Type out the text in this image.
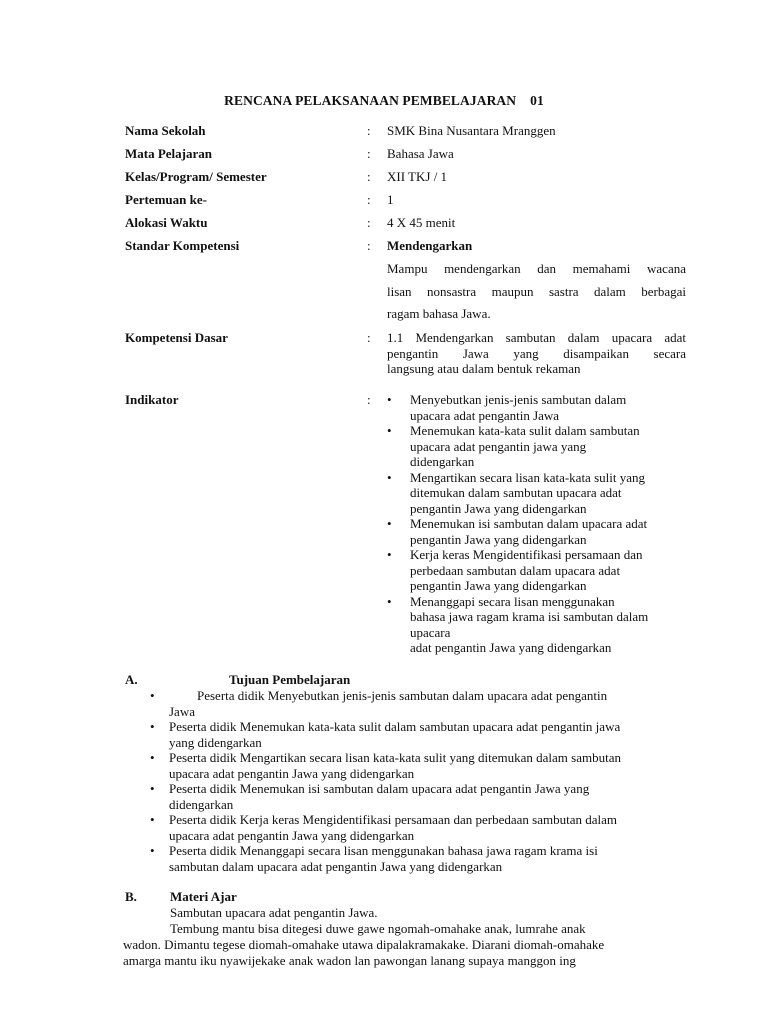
RENCANA PELAKSANAAN PEMBELAJARAN 01
Nama Sekolah	: SMK Bina Nusantara Mranggen
Mata Pelajaran	: Bahasa Jawa
Kelas/Program/ Semester	: XII TKJ / 1
Pertemuan ke-	: 1
Alokasi Waktu	: 4 X 45 menit
Standar Kompetensi	: Mendengarkan
Mampu mendengarkan dan memahami wacana
lisan nonsastra maupun sastra dalam berbagai
ragam bahasa Jawa.
Kompetensi Dasar	: 1.1 Mendengarkan sambutan dalam upacara adat
pengantin Jawa yang disampaikan secara
langsung atau dalam bentuk rekaman
Indikator	: • Menyebutkan jenis-jenis sambutan dalam
upacara adat pengantin Jawa
• Menemukan kata-kata sulit dalam sambutan
upacara adat pengantin jawa yang
didengarkan
• Mengartikan secara lisan kata-kata sulit yang
ditemukan dalam sambutan upacara adat
pengantin Jawa yang didengarkan
• Menemukan isi sambutan dalam upacara adat
pengantin Jawa yang didengarkan
• Kerja keras Mengidentifikasi persamaan dan
perbedaan sambutan dalam upacara adat
pengantin Jawa yang didengarkan
• Menanggapi secara lisan menggunakan
bahasa jawa ragam krama isi sambutan dalam
upacara
adat pengantin Jawa yang didengarkan
A.	Tujuan Pembelajaran
•	Peserta didik Menyebutkan jenis-jenis sambutan dalam upacara adat pengantin
Jawa
• Peserta didik Menemukan kata-kata sulit dalam sambutan upacara adat pengantin jawa
yang didengarkan
• Peserta didik Mengartikan secara lisan kata-kata sulit yang ditemukan dalam sambutan
upacara adat pengantin Jawa yang didengarkan
• Peserta didik Menemukan isi sambutan dalam upacara adat pengantin Jawa yang
didengarkan
• Peserta didik Kerja keras Mengidentifikasi persamaan dan perbedaan sambutan dalam
upacara adat pengantin Jawa yang didengarkan
• Peserta didik Menanggapi secara lisan menggunakan bahasa jawa ragam krama isi
sambutan dalam upacara adat pengantin Jawa yang didengarkan
B.	Materi Ajar
Sambutan upacara adat pengantin Jawa.
Tembung mantu bisa ditegesi duwe gawe ngomah-omahake anak, lumrahe anak
wadon. Dimantu tegese diomah-omahake utawa dipalakramakake. Diarani diomah-omahake
amarga mantu iku nyawijekake anak wadon lan pawongan lanang supaya manggon ing
